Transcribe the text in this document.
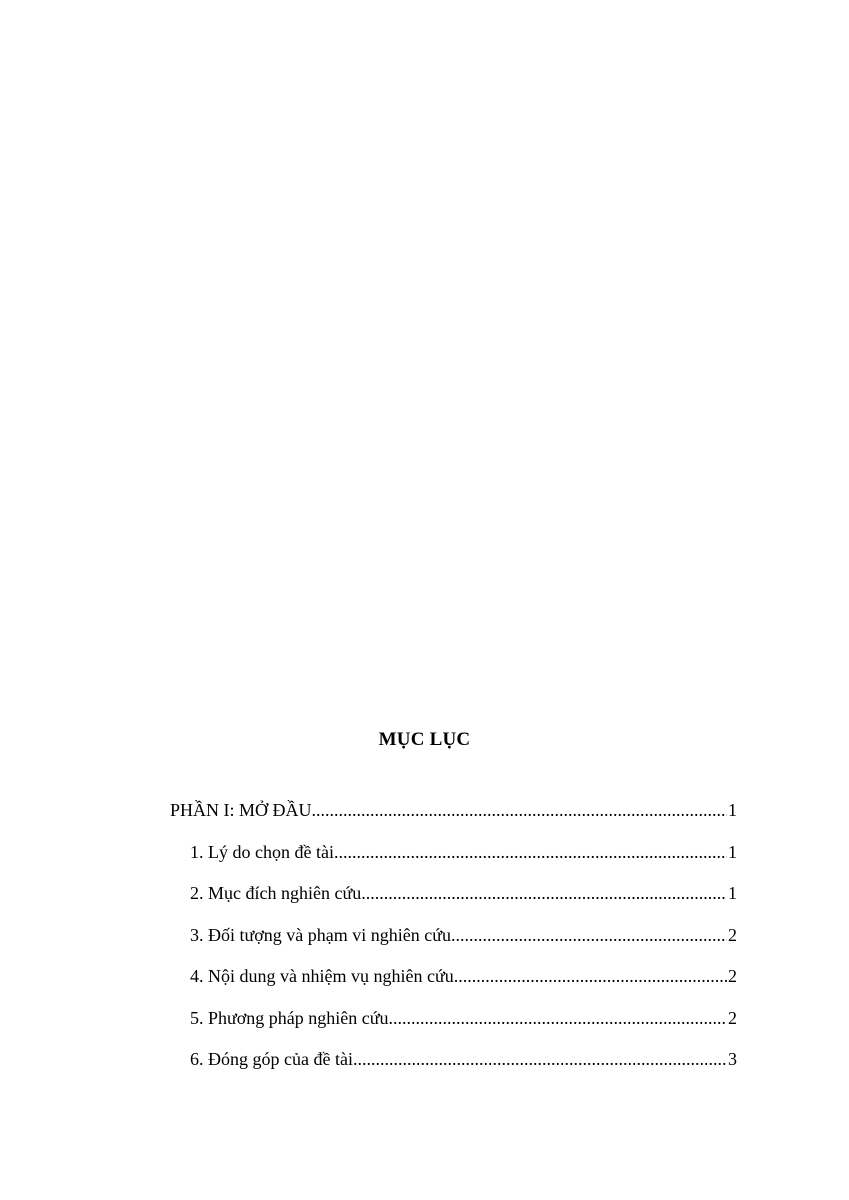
MỤC LỤC
PHẦN I: MỞ ĐẦU .....	1
1. Lý do chọn đề tài .....	1
2. Mục đích nghiên cứu .....	1
3. Đối tượng và phạm vi nghiên cứu .....	2
4. Nội dung và nhiệm vụ nghiên cứu .....	2
5. Phương pháp nghiên cứu .....	2
6. Đóng góp của đề tài .....	3
